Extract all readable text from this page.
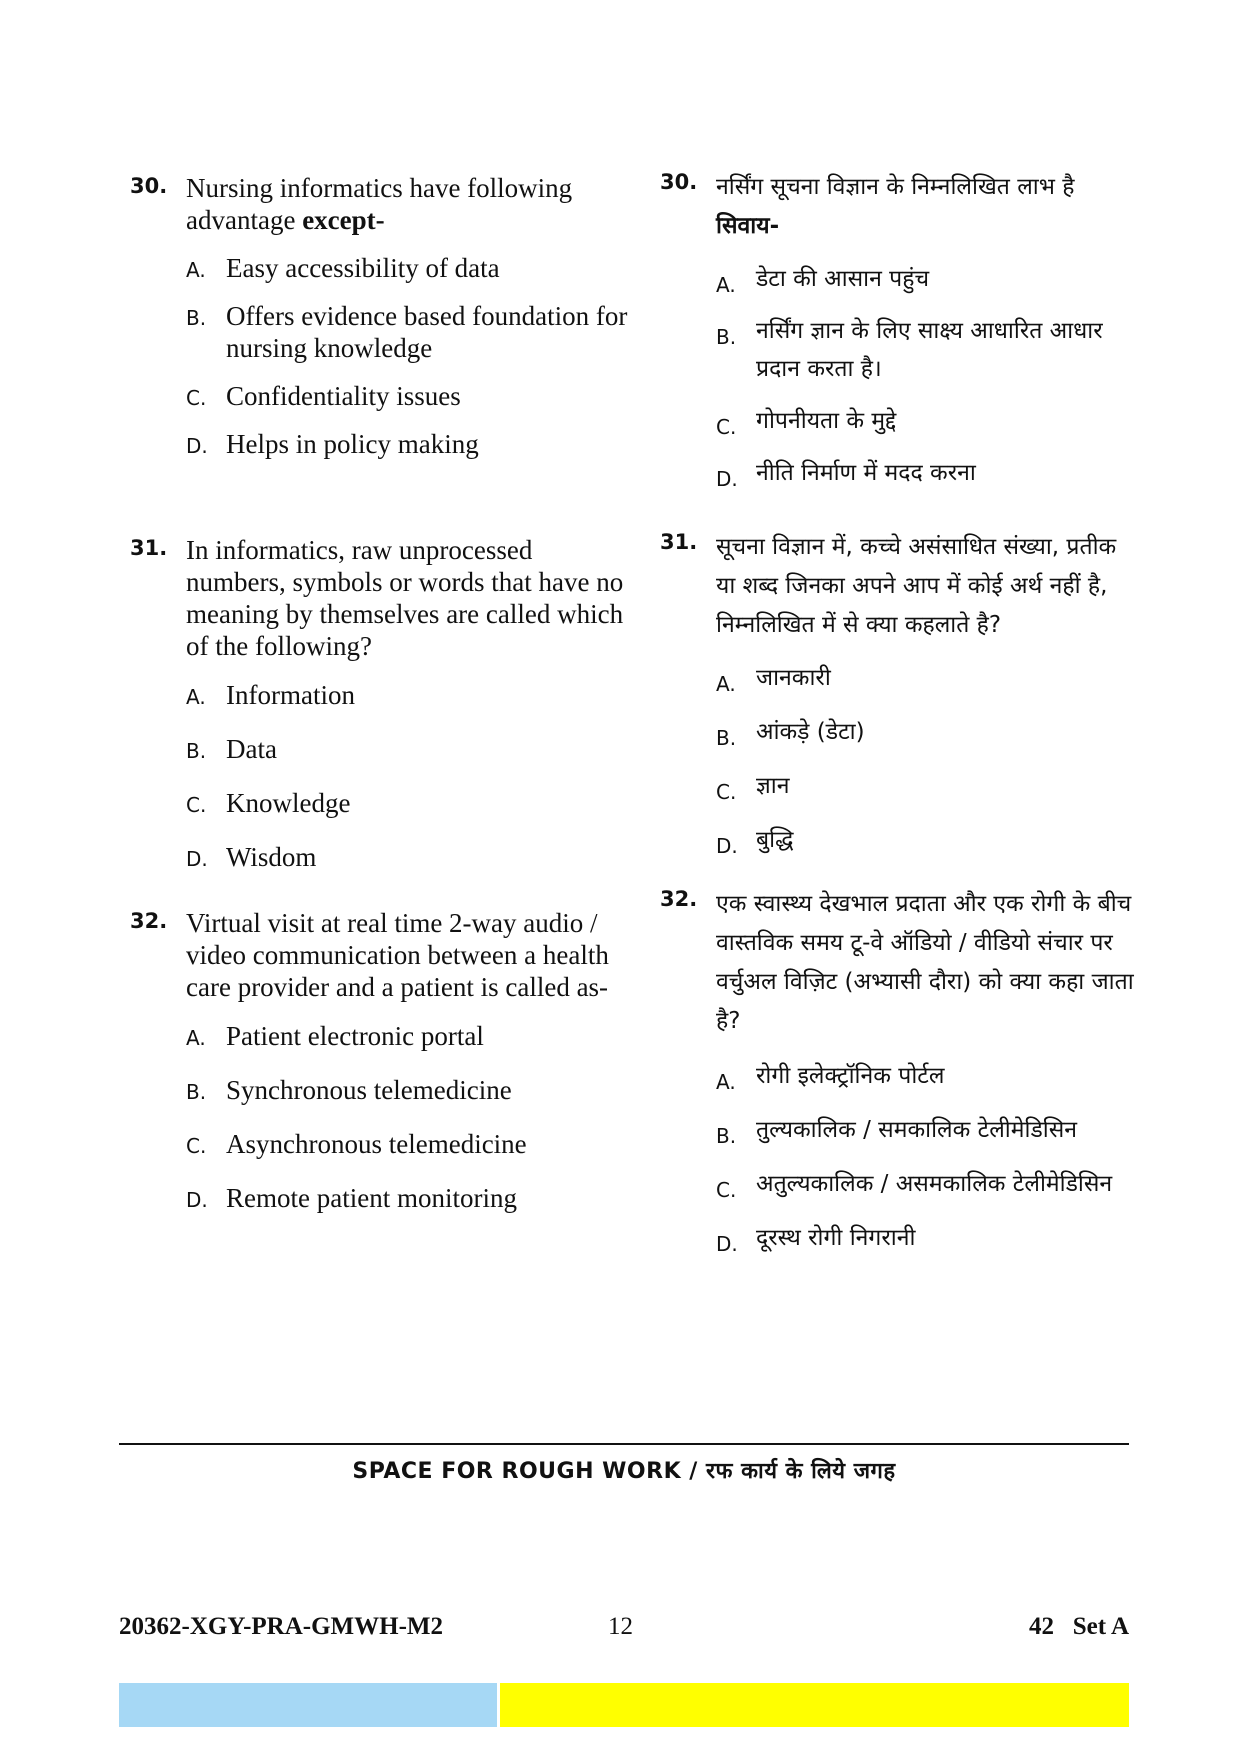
30. Nursing informatics have following advantage except-
A. Easy accessibility of data
B. Offers evidence based foundation for nursing knowledge
C. Confidentiality issues
D. Helps in policy making
31. In informatics, raw unprocessed numbers, symbols or words that have no meaning by themselves are called which of the following?
A. Information
B. Data
C. Knowledge
D. Wisdom
32. Virtual visit at real time 2-way audio / video communication between a health care provider and a patient is called as-
A. Patient electronic portal
B. Synchronous telemedicine
C. Asynchronous telemedicine
D. Remote patient monitoring
30. नर्सिंग सूचना विज्ञान के निम्नलिखित लाभ है
सिवाय-
A. डेटा की आसान पहुंच
B. नर्सिंग ज्ञान के लिए साक्ष्य आधारित आधार प्रदान करता है।
C. गोपनीयता के मुद्दे
D. नीति निर्माण में मदद करना
31. सूचना विज्ञान में, कच्चे असंसाधित संख्या, प्रतीक या शब्द जिनका अपने आप में कोई अर्थ नहीं है, निम्नलिखित में से क्या कहलाते है?
A. जानकारी
B. आंकड़े (डेटा)
C. ज्ञान
D. बुद्धि
32. एक स्वास्थ्य देखभाल प्रदाता और एक रोगी के बीच वास्तविक समय टू-वे ऑडियो / वीडियो संचार पर वर्चुअल विज़िट (अभ्यासी दौरा) को क्या कहा जाता है?
A. रोगी इलेक्ट्रॉनिक पोर्टल
B. तुल्यकालिक / समकालिक टेलीमेडिसिन
C. अतुल्यकालिक / असमकालिक टेलीमेडिसिन
D. दूरस्थ रोगी निगरानी
SPACE FOR ROUGH WORK / रफ कार्य के लिये जगह
20362-XGY-PRA-GMWH-M2	12	42   Set A
